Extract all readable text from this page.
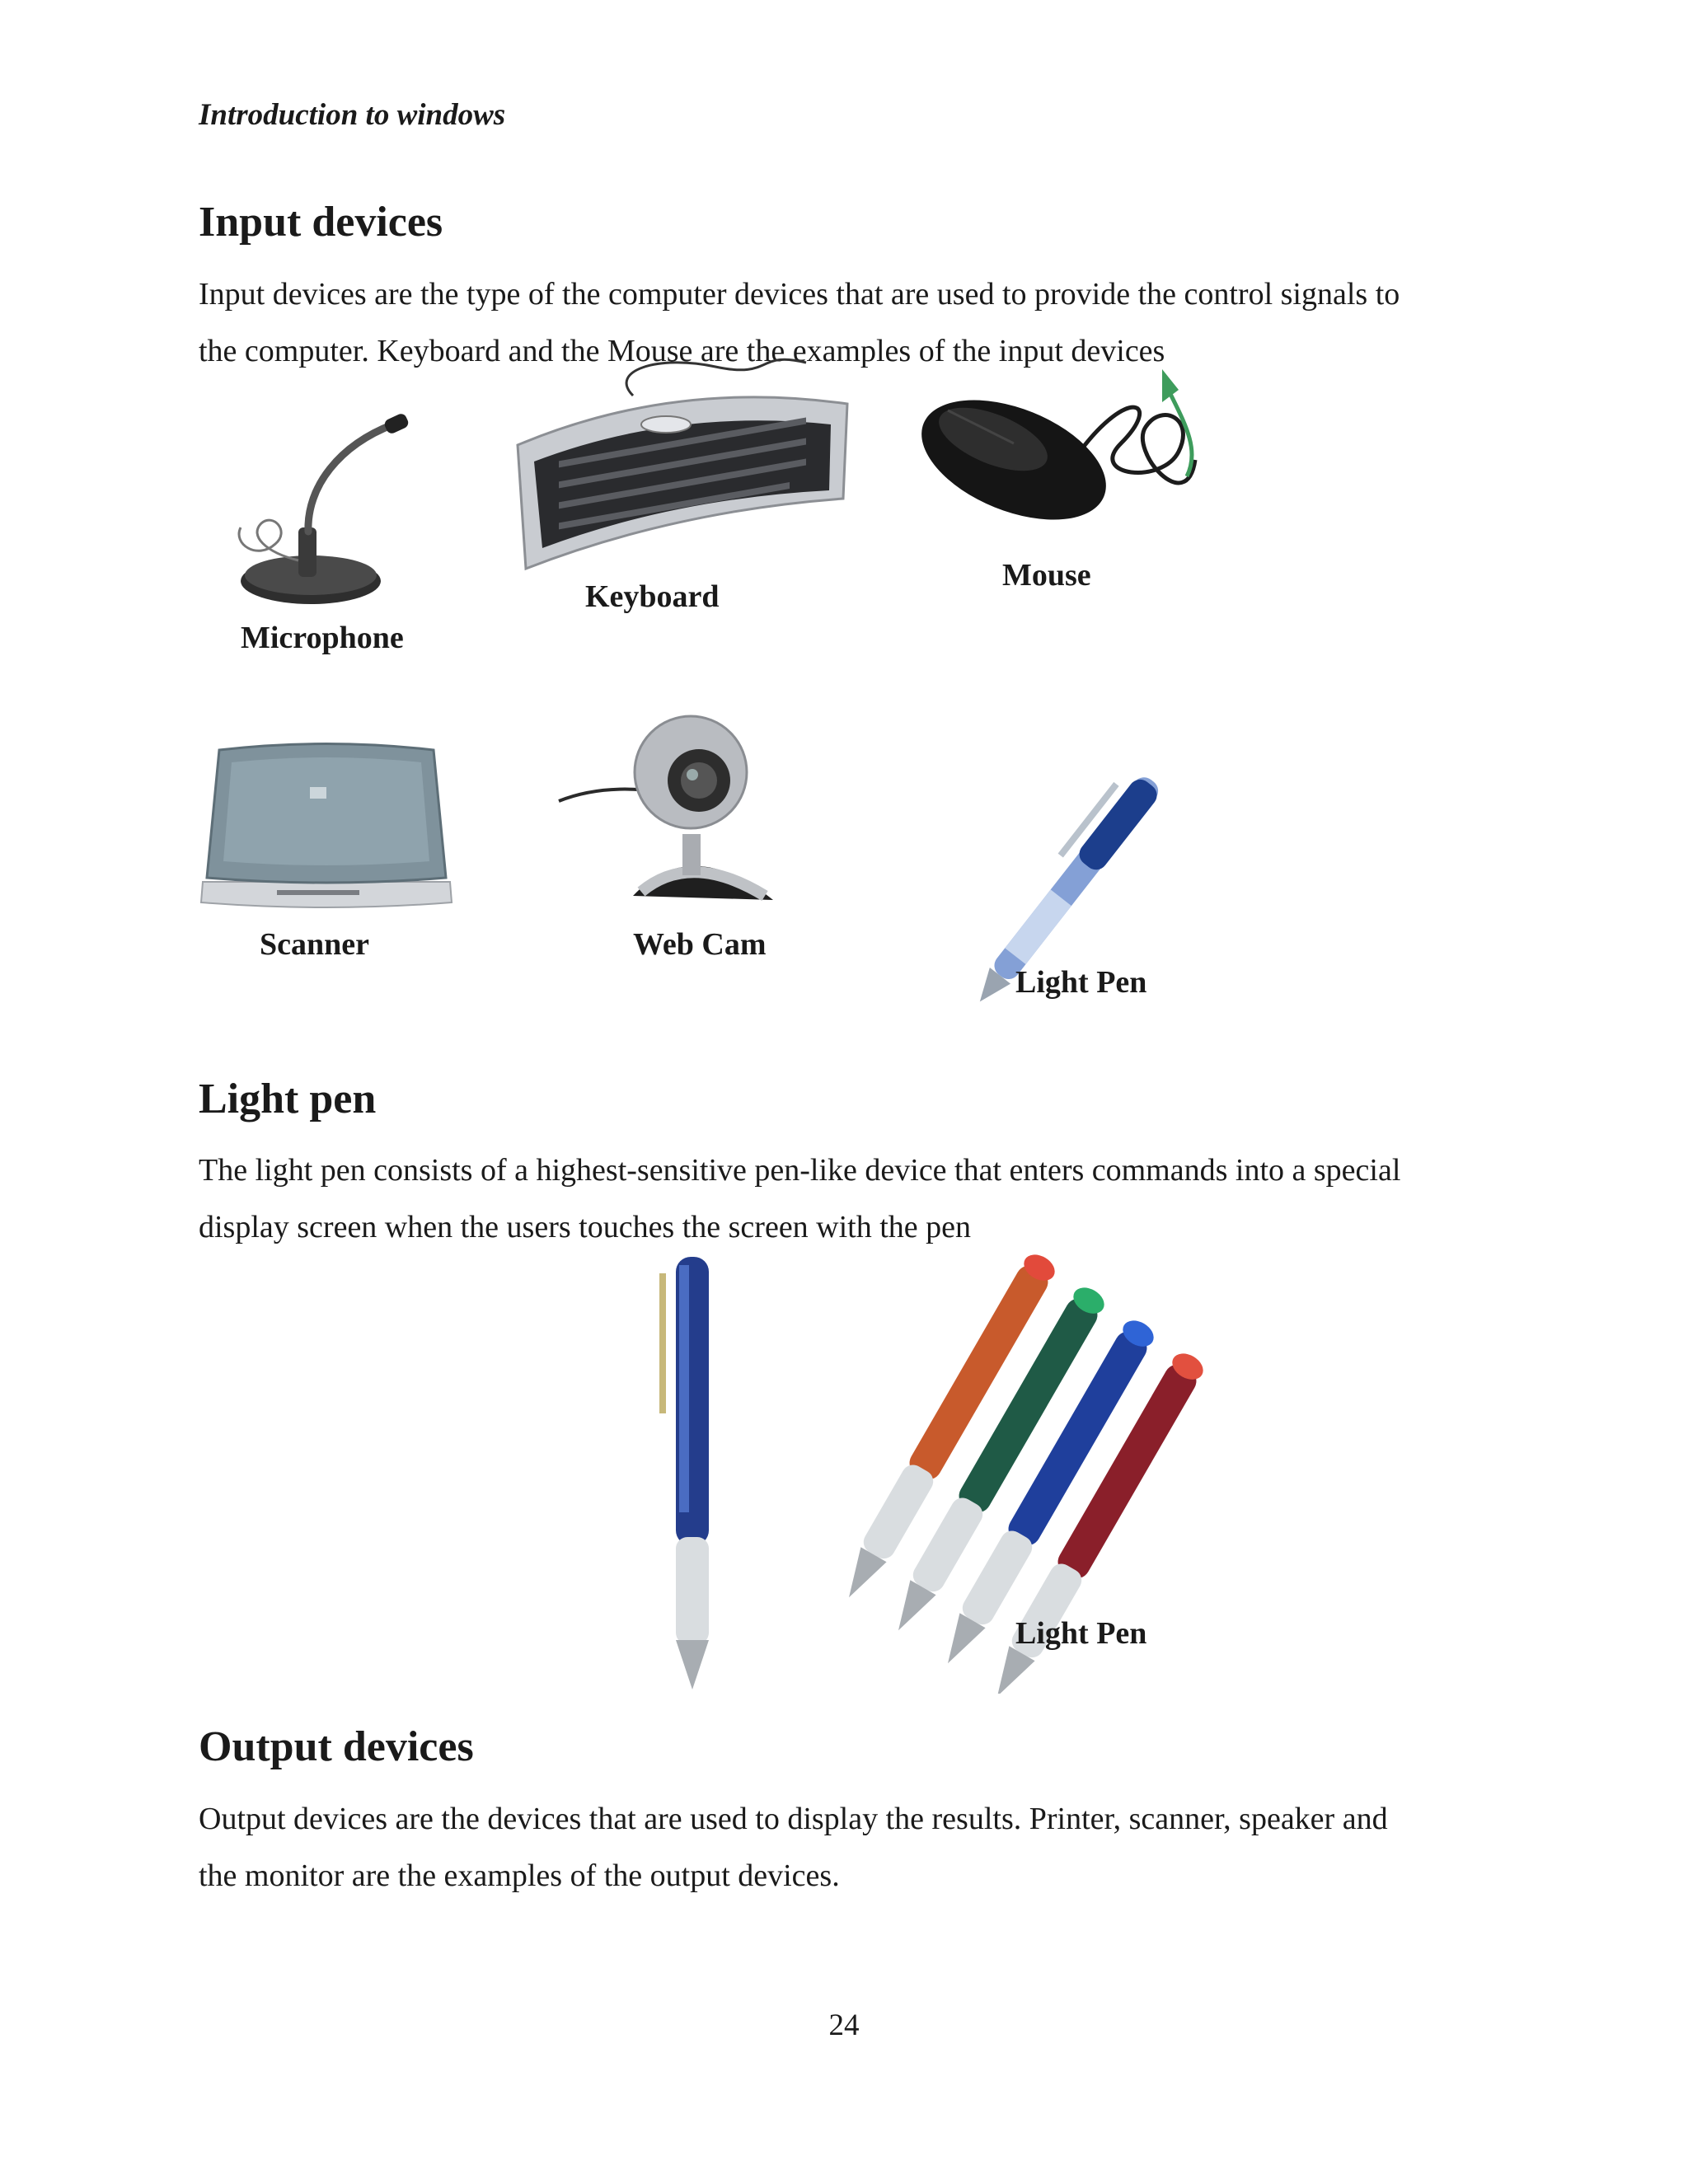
Introduction to windows
Input devices
Input devices are the type of the computer devices that are used to provide the control signals to
the computer. Keyboard and the Mouse are the examples of the input devices
Microphone
Keyboard
Mouse
Scanner	Web Cam
Light Pen
Light pen
The light pen consists of a highest-sensitive pen-like device that enters commands into a special
display screen when the users touches the screen with the pen
Light Pen
Output devices
Output devices are the devices that are used to display the results. Printer, scanner, speaker and
the monitor are the examples of the output devices.
24
